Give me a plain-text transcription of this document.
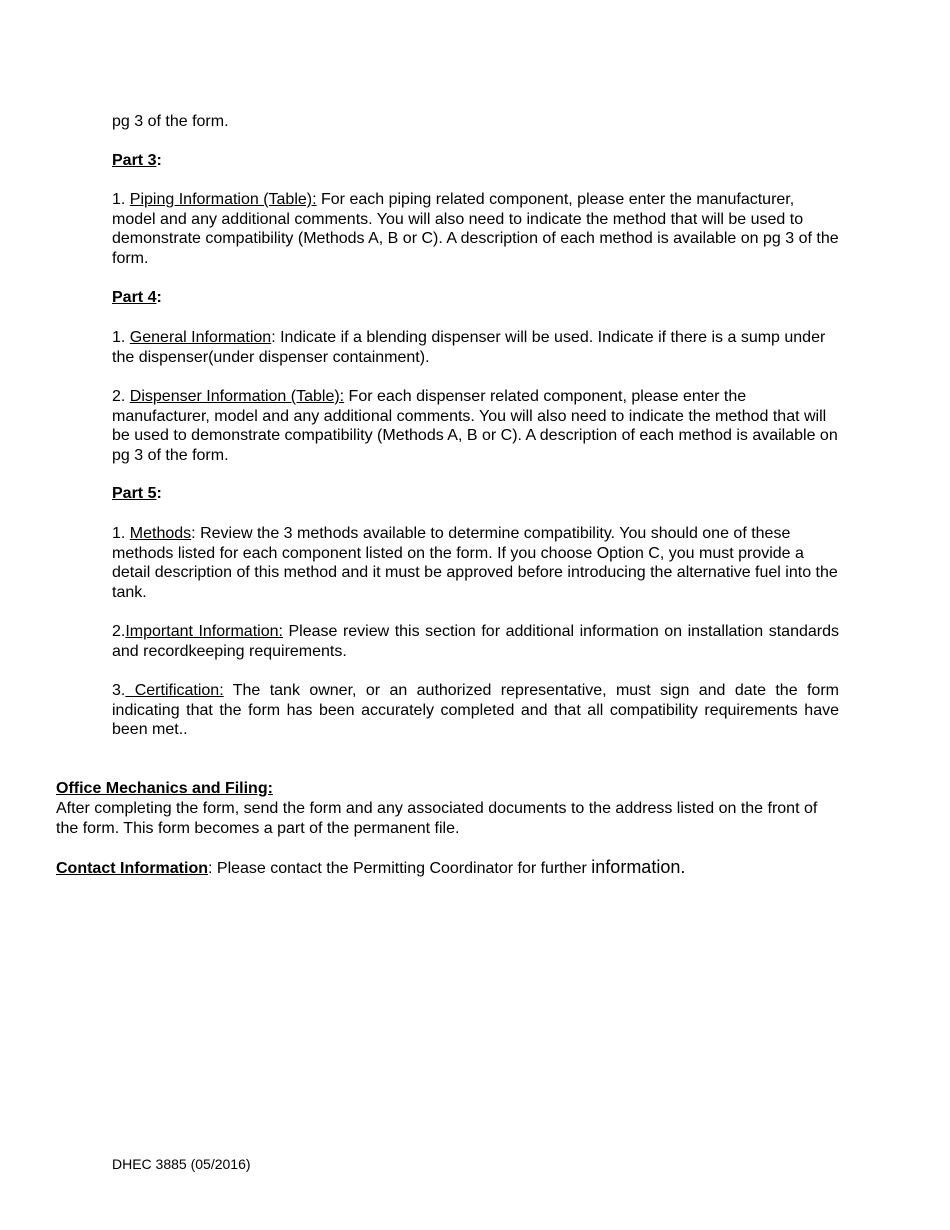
pg 3 of the form.

Part 3:

1. Piping Information (Table): For each piping related component, please enter the manufacturer, model and any additional comments. You will also need to indicate the method that will be used to demonstrate compatibility (Methods A, B or C). A description of each method is available on pg 3 of the form.

Part 4:

1. General Information: Indicate if a blending dispenser will be used. Indicate if there is a sump under the dispenser(under dispenser containment).

2. Dispenser Information (Table): For each dispenser related component, please enter the manufacturer, model and any additional comments. You will also need to indicate the method that will be used to demonstrate compatibility (Methods A, B or C). A description of each method is available on pg 3 of the form.

Part 5:

1. Methods: Review the 3 methods available to determine compatibility. You should one of these methods listed for each component listed on the form. If you choose Option C, you must provide a detail description of this method and it must be approved before introducing the alternative fuel into the tank.

2.Important Information: Please review this section for additional information on installation standards and recordkeeping requirements.

3. Certification: The tank owner, or an authorized representative, must sign and date the form indicating that the form has been accurately completed and that all compatibility requirements have been met..

Office Mechanics and Filing:

After completing the form, send the form and any associated documents to the address listed on the front of the form. This form becomes a part of the permanent file.

Contact Information: Please contact the Permitting Coordinator for further information.

DHEC 3885 (05/2016)
